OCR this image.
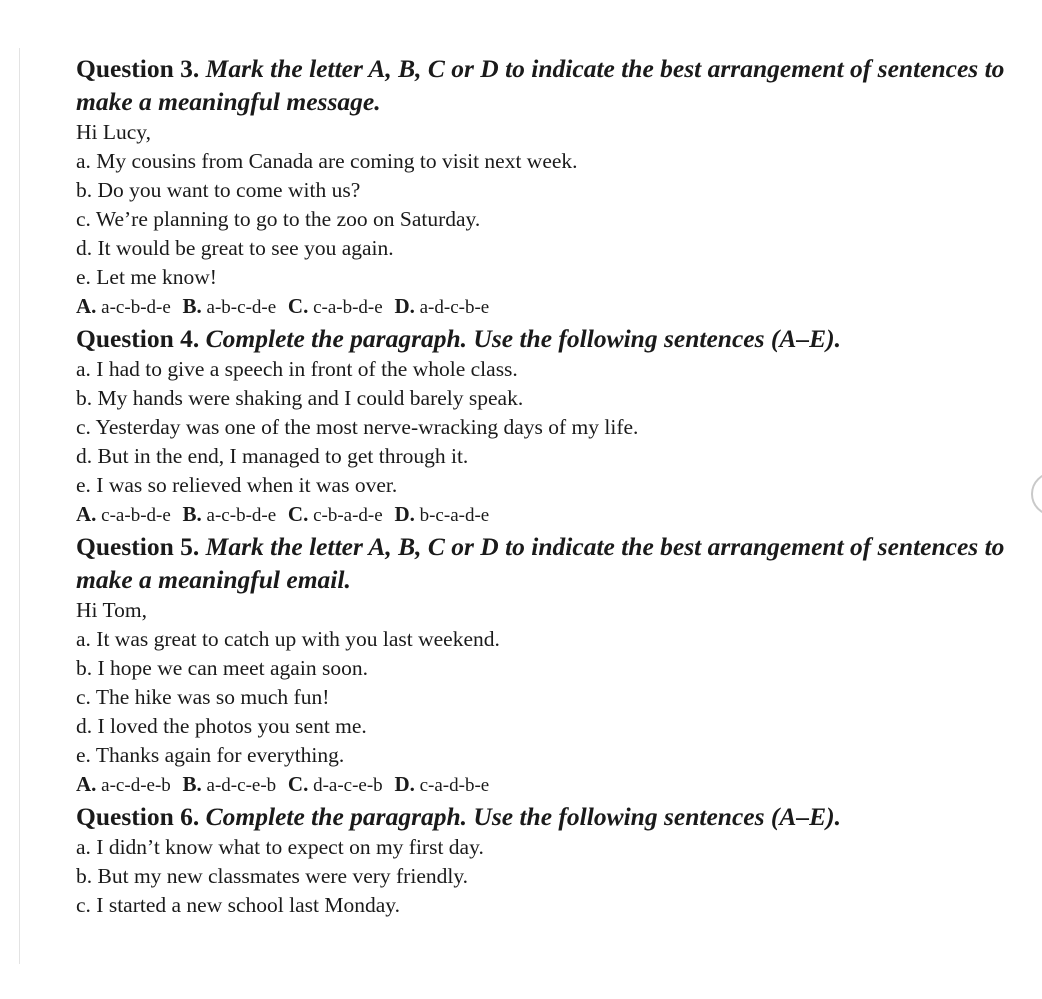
Question 3. Mark the letter A, B, C or D to indicate the best arrangement of sentences to make a meaningful message.
Hi Lucy,
a. My cousins from Canada are coming to visit next week.
b. Do you want to come with us?
c. We’re planning to go to the zoo on Saturday.
d. It would be great to see you again.
e. Let me know!
A. a-c-b-d-e B. a-b-c-d-e C. c-a-b-d-e D. a-d-c-b-e
Question 4. Complete the paragraph. Use the following sentences (A–E).
a. I had to give a speech in front of the whole class.
b. My hands were shaking and I could barely speak.
c. Yesterday was one of the most nerve-wracking days of my life.
d. But in the end, I managed to get through it.
e. I was so relieved when it was over.
A. c-a-b-d-e B. a-c-b-d-e C. c-b-a-d-e D. b-c-a-d-e
Question 5. Mark the letter A, B, C or D to indicate the best arrangement of sentences to make a meaningful email.
Hi Tom,
a. It was great to catch up with you last weekend.
b. I hope we can meet again soon.
c. The hike was so much fun!
d. I loved the photos you sent me.
e. Thanks again for everything.
A. a-c-d-e-b B. a-d-c-e-b C. d-a-c-e-b D. c-a-d-b-e
Question 6. Complete the paragraph. Use the following sentences (A–E).
a. I didn’t know what to expect on my first day.
b. But my new classmates were very friendly.
c. I started a new school last Monday.
